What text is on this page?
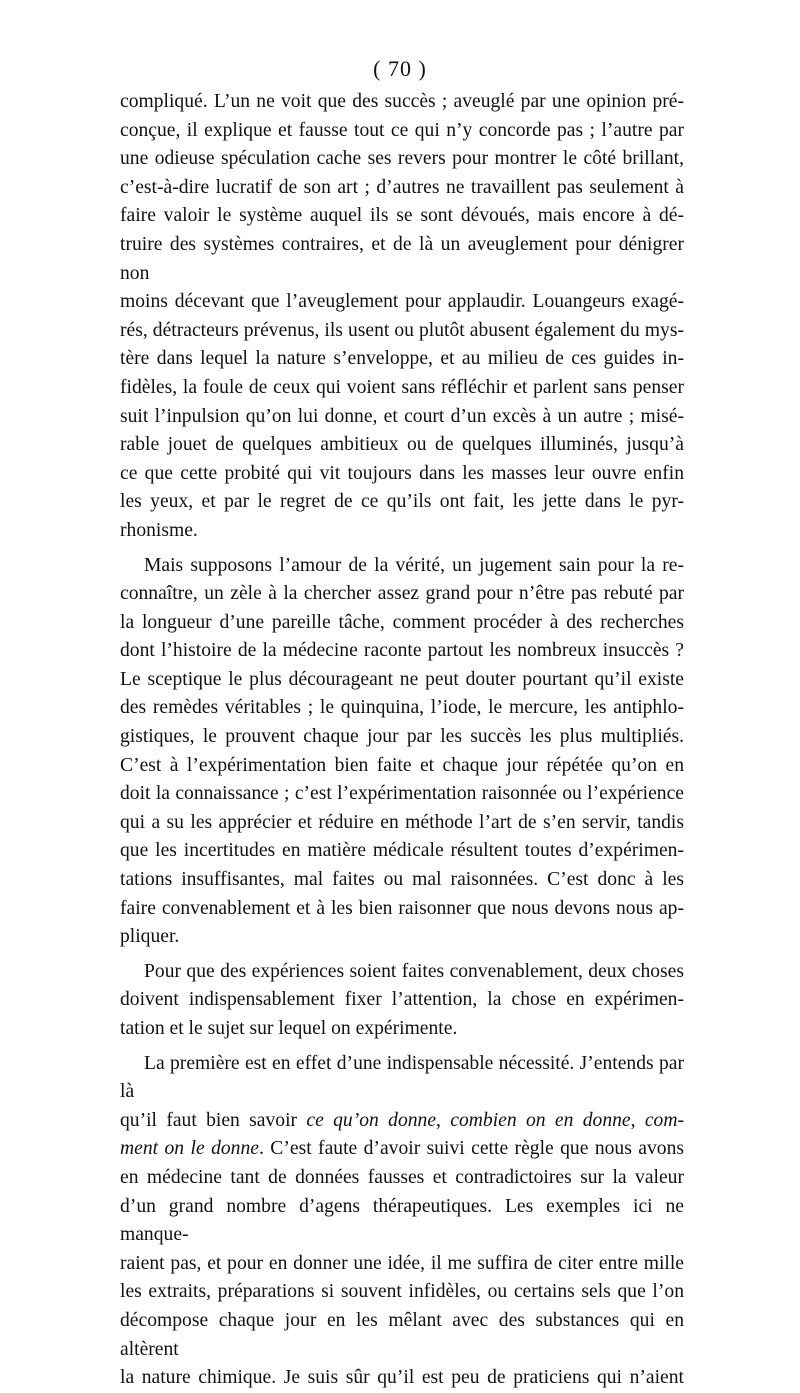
( 70 )
compliqué. L’un ne voit que des succès ; aveuglé par une opinion pré-
conçue, il explique et fausse tout ce qui n’y concorde pas ; l’autre par
une odieuse spéculation cache ses revers pour montrer le côté brillant,
c’est-à-dire lucratif de son art ; d’autres ne travaillent pas seulement à
faire valoir le système auquel ils se sont dévoués, mais encore à dé-
truire des systèmes contraires, et de là un aveuglement pour dénigrer non
moins décevant que l’aveuglement pour applaudir. Louangeurs exagé-
rés, détracteurs prévenus, ils usent ou plutôt abusent également du mys-
tère dans lequel la nature s’enveloppe, et au milieu de ces guides in-
fidèles, la foule de ceux qui voient sans réfléchir et parlent sans penser
suit l’inpulsion qu’on lui donne, et court d’un excès à un autre ; misé-
rable jouet de quelques ambitieux ou de quelques illuminés, jusqu’à
ce que cette probité qui vit toujours dans les masses leur ouvre enfin
les yeux, et par le regret de ce qu’ils ont fait, les jette dans le pyr-
rhonisme.
Mais supposons l’amour de la vérité, un jugement sain pour la re-
connaître, un zèle à la chercher assez grand pour n’être pas rebuté par
la longueur d’une pareille tâche, comment procéder à des recherches
dont l’histoire de la médecine raconte partout les nombreux insuccès ?
Le sceptique le plus décourageant ne peut douter pourtant qu’il existe
des remèdes véritables ; le quinquina, l’iode, le mercure, les antiphlo-
gistiques, le prouvent chaque jour par les succès les plus multipliés.
C’est à l’expérimentation bien faite et chaque jour répétée qu’on en
doit la connaissance ; c’est l’expérimentation raisonnée ou l’expérience
qui a su les apprécier et réduire en méthode l’art de s’en servir, tandis
que les incertitudes en matière médicale résultent toutes d’expérimen-
tations insuffisantes, mal faites ou mal raisonnées. C’est donc à les
faire convenablement et à les bien raisonner que nous devons nous ap-
pliquer.
Pour que des expériences soient faites convenablement, deux choses
doivent indispensablement fixer l’attention, la chose en expérimen-
tation et le sujet sur lequel on expérimente.
La première est en effet d’une indispensable nécessité. J’entends par là
qu’il faut bien savoir ce qu’on donne, combien on en donne, com-
ment on le donne. C’est faute d’avoir suivi cette règle que nous avons
en médecine tant de données fausses et contradictoires sur la valeur
d’un grand nombre d’agens thérapeutiques. Les exemples ici ne manque-
raient pas, et pour en donner une idée, il me suffira de citer entre mille
les extraits, préparations si souvent infidèles, ou certains sels que l’on
décompose chaque jour en les mêlant avec des substances qui en altèrent
la nature chimique. Je suis sûr qu’il est peu de praticiens qui n’aient
